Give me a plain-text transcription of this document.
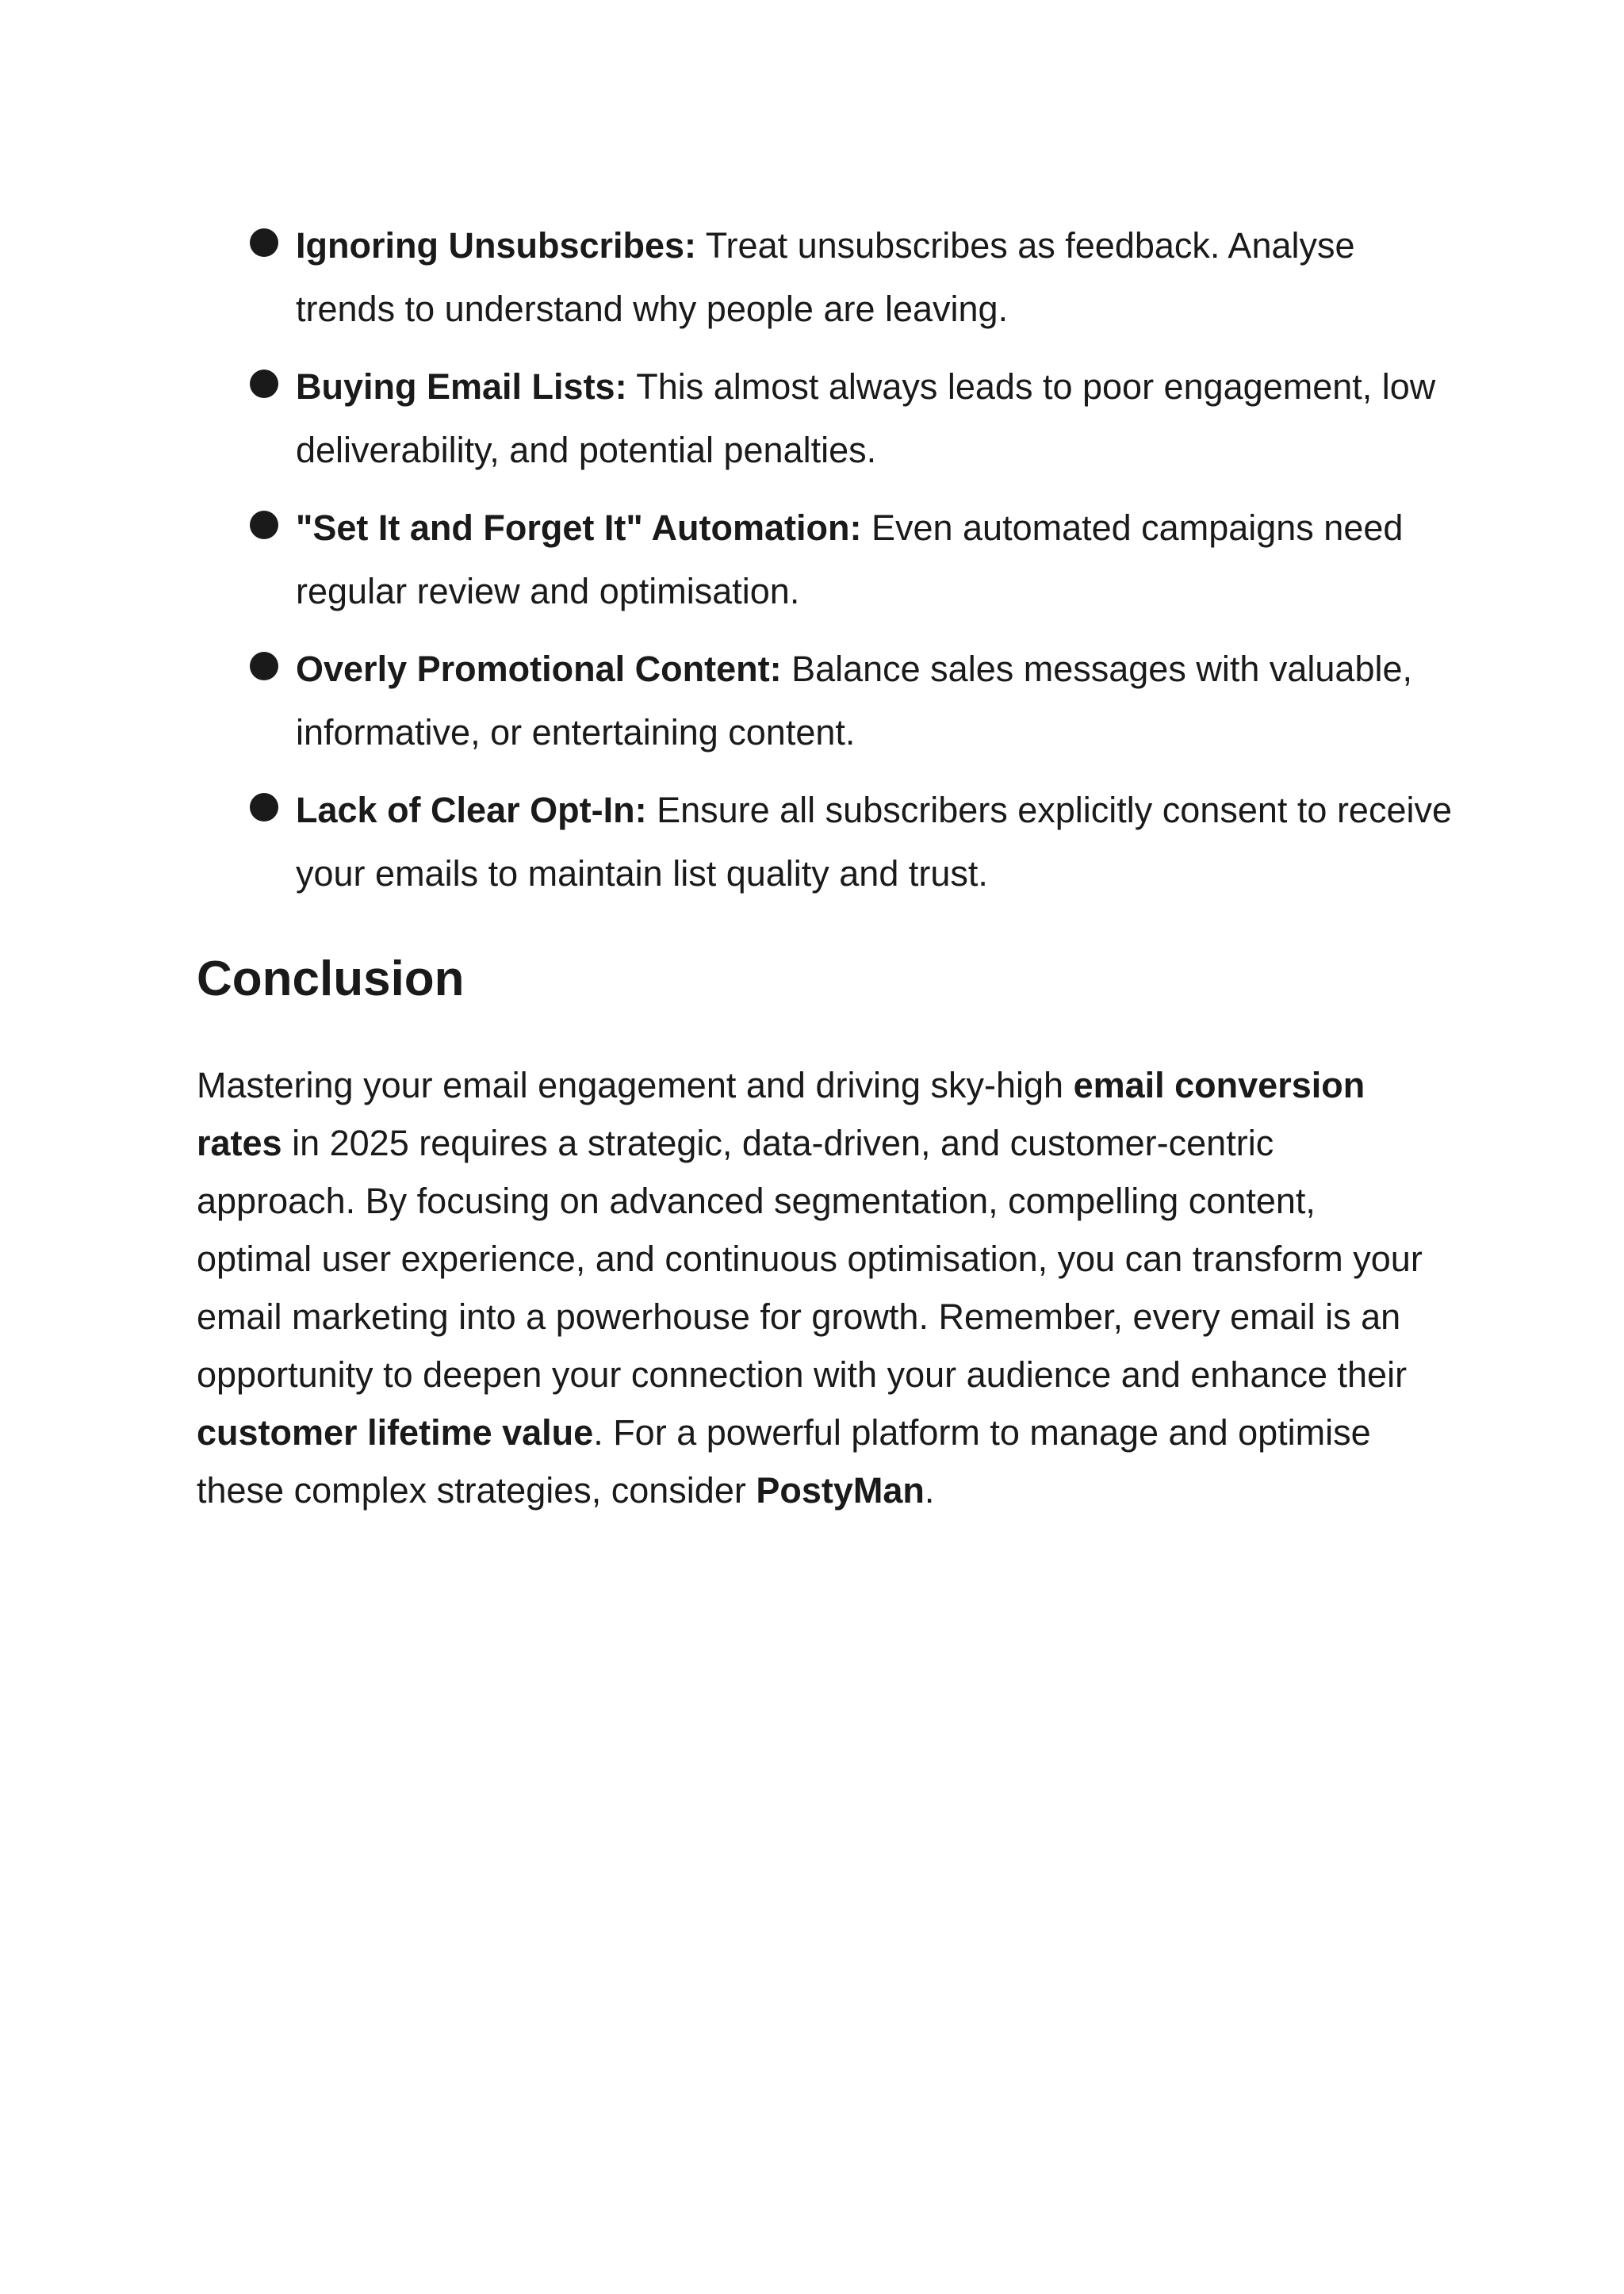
Ignoring Unsubscribes: Treat unsubscribes as feedback. Analyse trends to understand why people are leaving.
Buying Email Lists: This almost always leads to poor engagement, low deliverability, and potential penalties.
"Set It and Forget It" Automation: Even automated campaigns need regular review and optimisation.
Overly Promotional Content: Balance sales messages with valuable, informative, or entertaining content.
Lack of Clear Opt-In: Ensure all subscribers explicitly consent to receive your emails to maintain list quality and trust.
Conclusion

Mastering your email engagement and driving sky-high email conversion rates in 2025 requires a strategic, data-driven, and customer-centric approach. By focusing on advanced segmentation, compelling content, optimal user experience, and continuous optimisation, you can transform your email marketing into a powerhouse for growth. Remember, every email is an opportunity to deepen your connection with your audience and enhance their customer lifetime value. For a powerful platform to manage and optimise these complex strategies, consider PostyMan.
